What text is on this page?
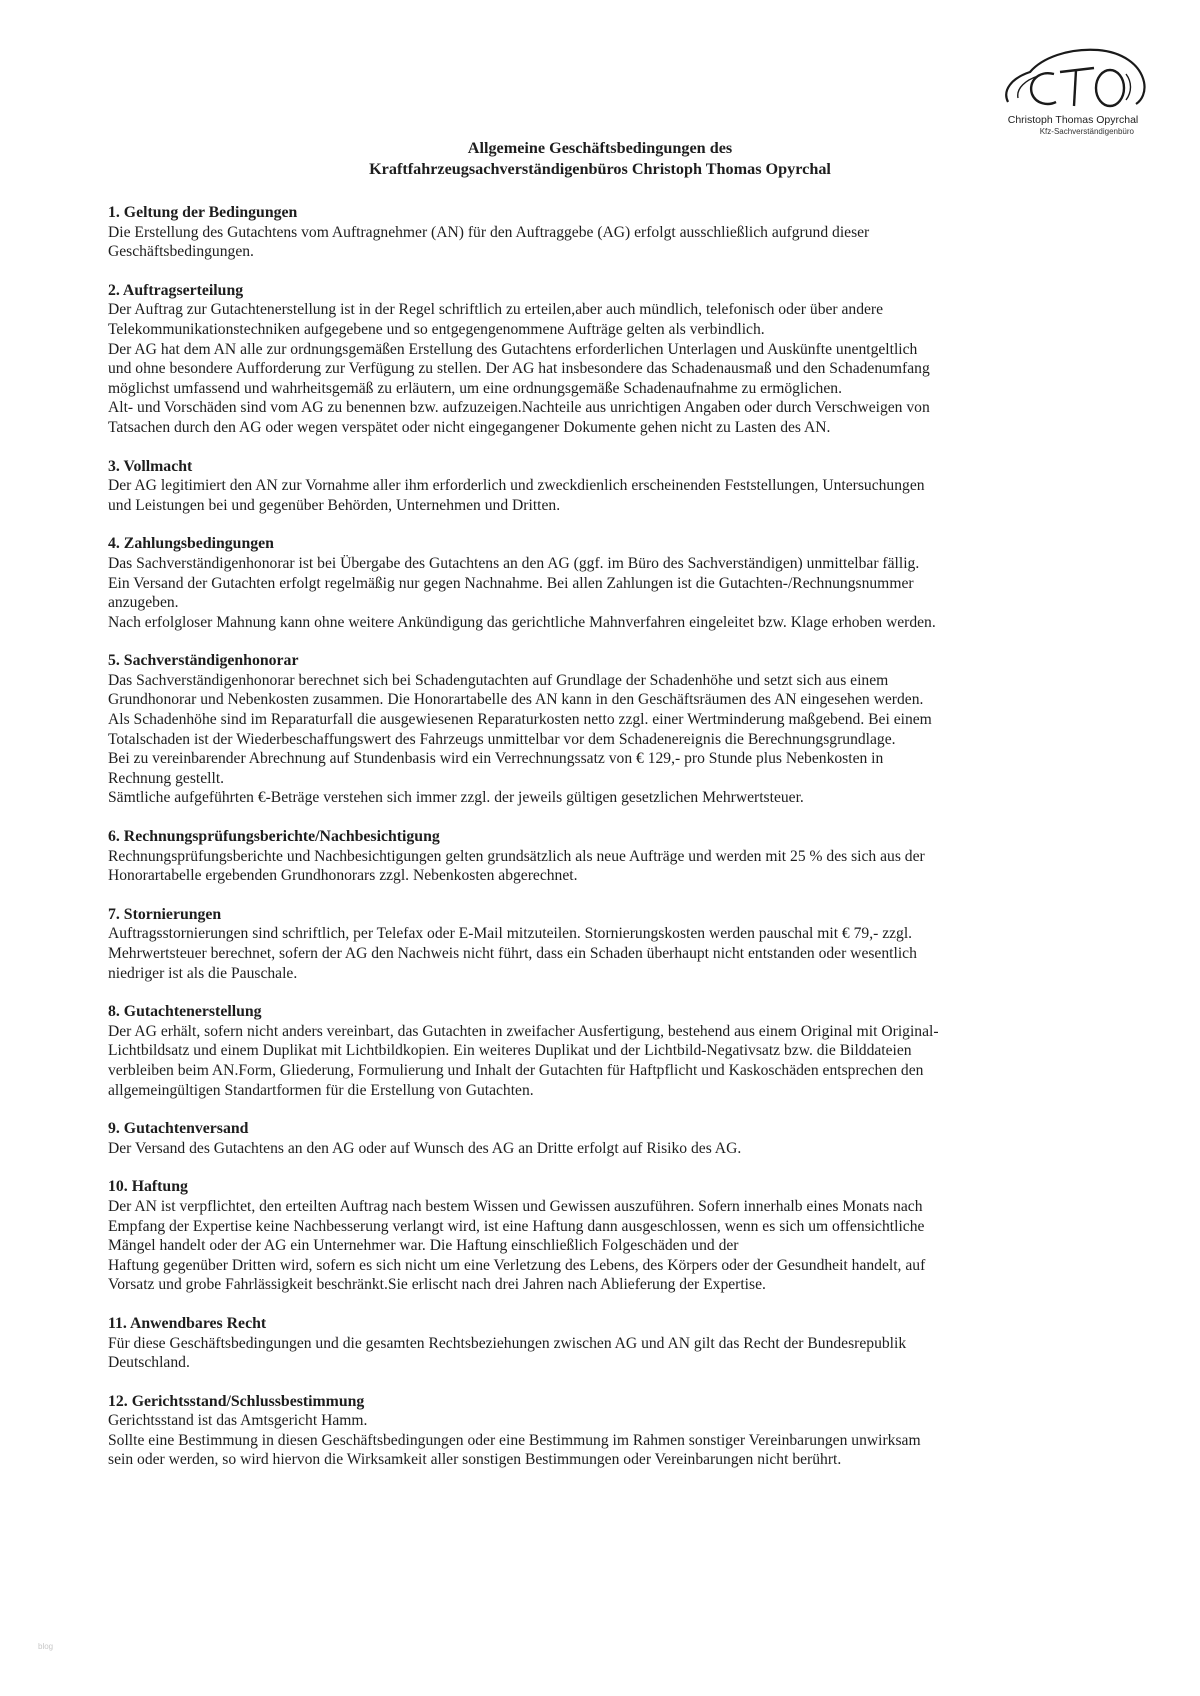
Christoph Thomas Opyrchal
Kfz-Sachverständigenbüro
Allgemeine Geschäftsbedingungen des
Kraftfahrzeugsachverständigenbüros Christoph Thomas Opyrchal
1. Geltung der Bedingungen

Die Erstellung des Gutachtens vom Auftragnehmer (AN) für den Auftraggebe (AG) erfolgt ausschließlich aufgrund dieser

Geschäftsbedingungen.

2. Auftragserteilung

Der Auftrag zur Gutachtenerstellung ist in der Regel schriftlich zu erteilen,aber auch mündlich, telefonisch oder über andere

Telekommunikationstechniken aufgegebene und so entgegengenommene Aufträge gelten als verbindlich.

Der AG hat dem AN alle zur ordnungsgemäßen Erstellung des Gutachtens erforderlichen Unterlagen und Auskünfte unentgeltlich

und ohne besondere Aufforderung zur Verfügung zu stellen. Der AG hat insbesondere das Schadenausmaß und den Schadenumfang

möglichst umfassend und wahrheitsgemäß zu erläutern, um eine ordnungsgemäße Schadenaufnahme zu ermöglichen.

Alt- und Vorschäden sind vom AG zu benennen bzw. aufzuzeigen.Nachteile aus unrichtigen Angaben oder durch Verschweigen von

Tatsachen durch den AG oder wegen verspätet oder nicht eingegangener Dokumente gehen nicht zu Lasten des AN.

3. Vollmacht

Der AG legitimiert den AN zur Vornahme aller ihm erforderlich und zweckdienlich erscheinenden Feststellungen, Untersuchungen

und Leistungen bei und gegenüber Behörden, Unternehmen und Dritten.

4. Zahlungsbedingungen

Das Sachverständigenhonorar ist bei Übergabe des Gutachtens an den AG (ggf. im Büro des Sachverständigen) unmittelbar fällig.

Ein Versand der Gutachten erfolgt regelmäßig nur gegen Nachnahme. Bei allen Zahlungen ist die Gutachten-/Rechnungsnummer

anzugeben.

Nach erfolgloser Mahnung kann ohne weitere Ankündigung das gerichtliche Mahnverfahren eingeleitet bzw. Klage erhoben werden.

5. Sachverständigenhonorar

Das Sachverständigenhonorar berechnet sich bei Schadengutachten auf Grundlage der Schadenhöhe und setzt sich aus einem

Grundhonorar und Nebenkosten zusammen. Die Honorartabelle des AN kann in den Geschäftsräumen des AN eingesehen werden.

Als Schadenhöhe sind im Reparaturfall die ausgewiesenen Reparaturkosten netto zzgl. einer Wertminderung maßgebend. Bei einem

Totalschaden ist der Wiederbeschaffungswert des Fahrzeugs unmittelbar vor dem Schadenereignis die Berechnungsgrundlage.

Bei zu vereinbarender Abrechnung auf Stundenbasis wird ein Verrechnungssatz von € 129,- pro Stunde plus Nebenkosten in

Rechnung gestellt.

Sämtliche aufgeführten €-Beträge verstehen sich immer zzgl. der jeweils gültigen gesetzlichen Mehrwertsteuer.

6. Rechnungsprüfungsberichte/Nachbesichtigung

Rechnungsprüfungsberichte und Nachbesichtigungen gelten grundsätzlich als neue Aufträge und werden mit 25 % des sich aus der

Honorartabelle ergebenden Grundhonorars zzgl. Nebenkosten abgerechnet.

7. Stornierungen

Auftragsstornierungen sind schriftlich, per Telefax oder E-Mail mitzuteilen. Stornierungskosten werden pauschal mit € 79,- zzgl.

Mehrwertsteuer berechnet, sofern der AG den Nachweis nicht führt, dass ein Schaden überhaupt nicht entstanden oder wesentlich

niedriger ist als die Pauschale.

8. Gutachtenerstellung

Der AG erhält, sofern nicht anders vereinbart, das Gutachten in zweifacher Ausfertigung, bestehend aus einem Original mit Original-

Lichtbildsatz und einem Duplikat mit Lichtbildkopien. Ein weiteres Duplikat und der Lichtbild-Negativsatz bzw. die Bilddateien

verbleiben beim AN.Form, Gliederung, Formulierung und Inhalt der Gutachten für Haftpflicht und Kaskoschäden entsprechen den

allgemeingültigen Standartformen für die Erstellung von Gutachten.

9. Gutachtenversand

Der Versand des Gutachtens an den AG oder auf Wunsch des AG an Dritte erfolgt auf Risiko des AG.

10. Haftung

Der AN ist verpflichtet, den erteilten Auftrag nach bestem Wissen und Gewissen auszuführen. Sofern innerhalb eines Monats nach

Empfang der Expertise keine Nachbesserung verlangt wird, ist eine Haftung dann ausgeschlossen, wenn es sich um offensichtliche

Mängel handelt oder der AG ein Unternehmer war. Die Haftung einschließlich Folgeschäden und der

Haftung gegenüber Dritten wird, sofern es sich nicht um eine Verletzung des Lebens, des Körpers oder der Gesundheit handelt, auf

Vorsatz und grobe Fahrlässigkeit beschränkt.Sie erlischt nach drei Jahren nach Ablieferung der Expertise.

11. Anwendbares Recht

Für diese Geschäftsbedingungen und die gesamten Rechtsbeziehungen zwischen AG und AN gilt das Recht der Bundesrepublik

Deutschland.

12. Gerichtsstand/Schlussbestimmung

Gerichtsstand ist das Amtsgericht Hamm.

Sollte eine Bestimmung in diesen Geschäftsbedingungen oder eine Bestimmung im Rahmen sonstiger Vereinbarungen unwirksam

sein oder werden, so wird hiervon die Wirksamkeit aller sonstigen Bestimmungen oder Vereinbarungen nicht berührt.

blog
